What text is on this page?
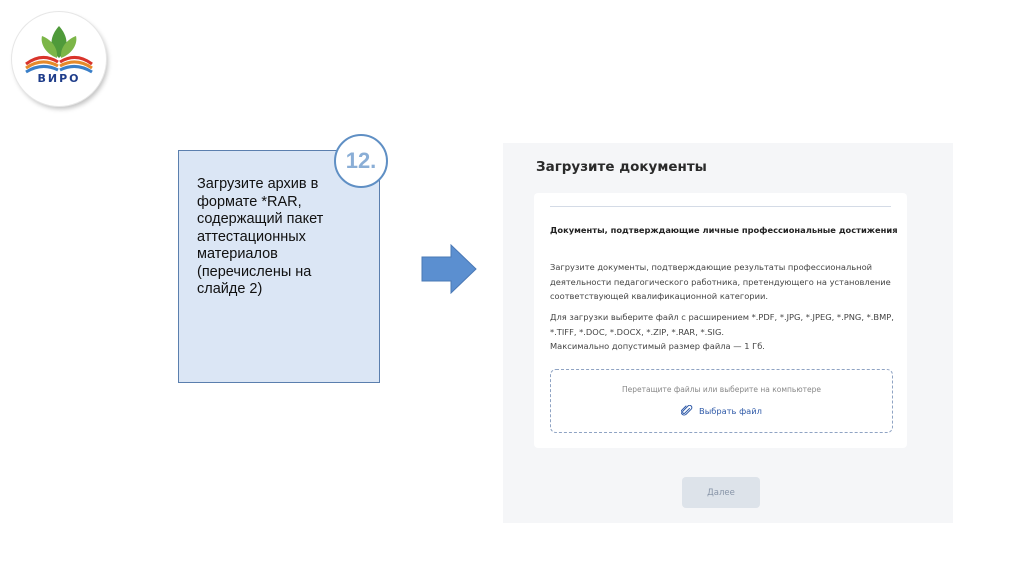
ВИРО
Загрузите архив в
формате *RAR,
содержащий пакет
аттестационных
материалов
(перечислены на
слайде 2)
12.	Загрузите документы
Документы, подтверждающие личные профессиональные достижения
Загрузите документы, подтверждающие результаты профессиональной деятельности педагогического работника, претендующего на установление соответствующей квалификационной категории.
Для загрузки выберите файл с расширением *.PDF, *.JPG, *.JPEG, *.PNG, *.BMP, *.TIFF, *.DOC, *.DOCX, *.ZIP, *.RAR, *.SIG.
Максимально допустимый размер файла — 1 Гб.
Перетащите файлы или выберите на компьютере
Выбрать файл
Далее
